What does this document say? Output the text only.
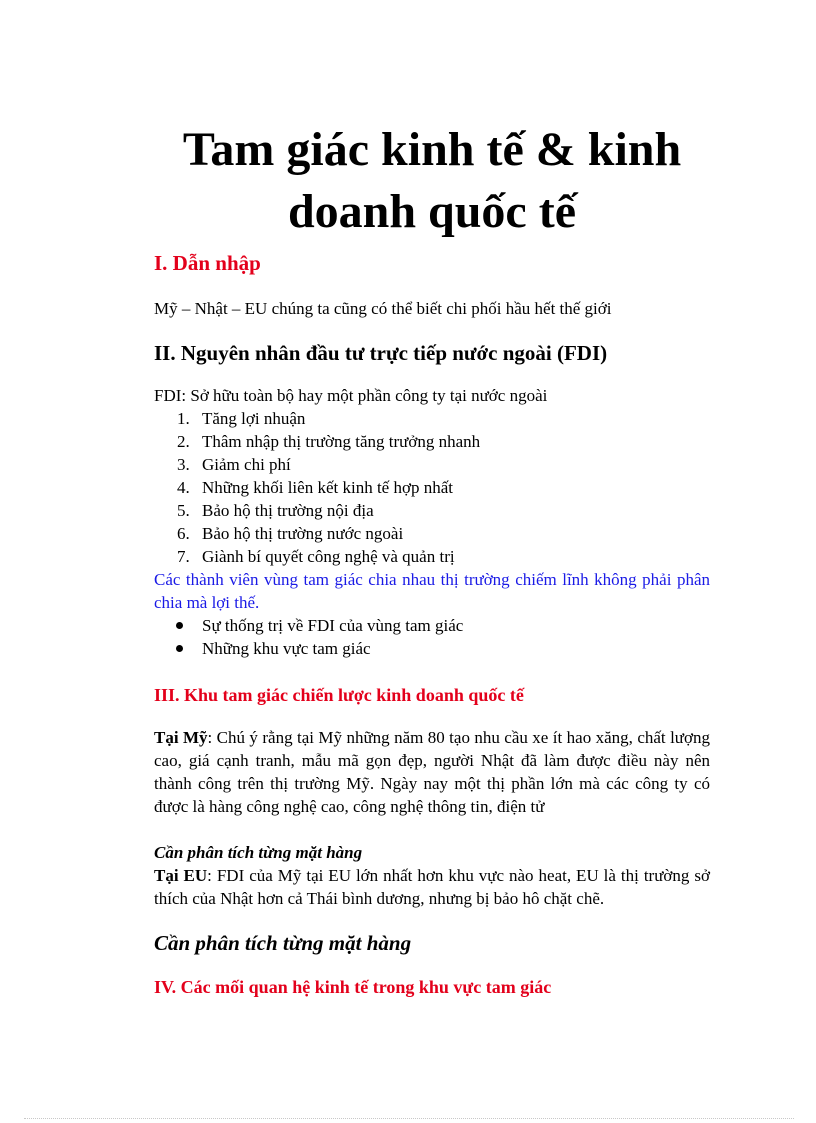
Tam giác kinh tế & kinh
doanh quốc tế
I. Dẫn nhập

Mỹ – Nhật – EU chúng ta cũng có thể biết chi phối hầu hết thế giới

II. Nguyên nhân đầu tư trực tiếp nước ngoài (FDI)

FDI: Sở hữu toàn bộ hay một phần công ty tại nước ngoài

1. Tăng lợi nhuận
2. Thâm nhập thị trường tăng trưởng nhanh
3. Giảm chi phí
4. Những khối liên kết kinh tế hợp nhất
5. Bảo hộ thị trường nội địa
6. Bảo hộ thị trường nước ngoài
7. Giành bí quyết công nghệ và quản trị

Các thành viên vùng tam giác chia nhau thị trường chiếm lĩnh không phải phân chia mà lợi thế.

Sự thống trị về FDI của vùng tam giác
Những khu vực tam giác
III. Khu tam giác chiến lược kinh doanh quốc tế

Tại Mỹ: Chú ý rằng tại Mỹ những năm 80 tạo nhu cầu xe ít hao xăng, chất lượng cao, giá cạnh tranh, mẫu mã gọn đẹp, người Nhật đã làm được điều này nên thành công trên thị trường Mỹ. Ngày nay một thị phần lớn mà các công ty có được là hàng công nghệ cao, công nghệ thông tin, điện tử

Cần phân tích từng mặt hàng

Tại EU: FDI của Mỹ tại EU lớn nhất hơn khu vực nào heat, EU là thị trường sở thích của Nhật hơn cả Thái bình dương, nhưng bị bảo hô chặt chẽ.

Cần phân tích từng mặt hàng

IV. Các mối quan hệ kinh tế trong khu vực tam giác
